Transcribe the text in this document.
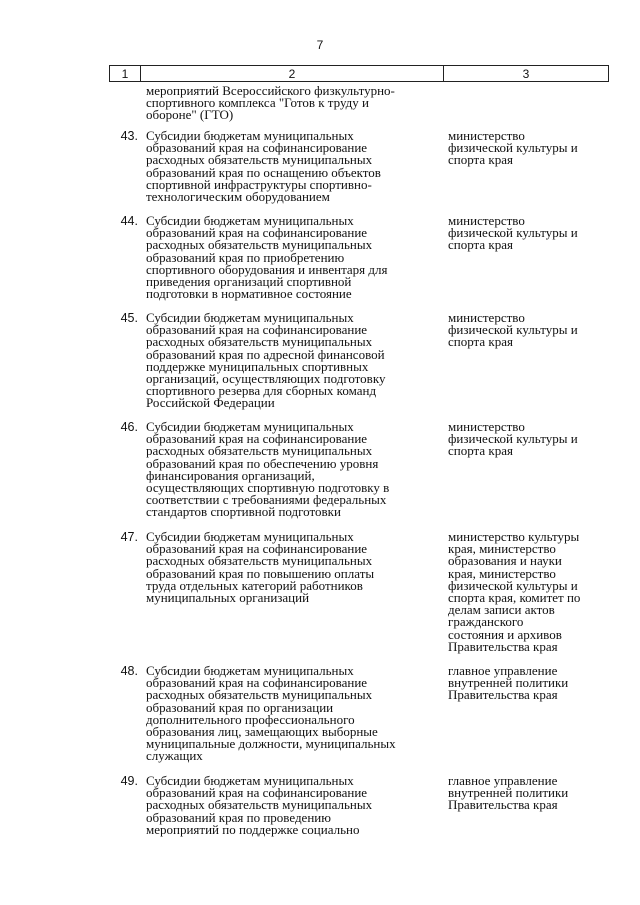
7
1	2	3
мероприятий Всероссийского физкультурно-
спортивного комплекса "Готов к труду и
обороне" (ГТО)
43. Субсидии бюджетам муниципальных
образований края на софинансирование
расходных обязательств муниципальных
образований края по оснащению объектов
спортивной инфраструктуры спортивно-
технологическим оборудованием
министерство
физической культуры и
спорта края
44. Субсидии бюджетам муниципальных
образований края на софинансирование
расходных обязательств муниципальных
образований края по приобретению
спортивного оборудования и инвентаря для
приведения организаций спортивной
подготовки в нормативное состояние
министерство
физической культуры и
спорта края
45. Субсидии бюджетам муниципальных
образований края на софинансирование
расходных обязательств муниципальных
образований края по адресной финансовой
поддержке муниципальных спортивных
организаций, осуществляющих подготовку
спортивного резерва для сборных команд
Российской Федерации
министерство
физической культуры и
спорта края
46. Субсидии бюджетам муниципальных
образований края на софинансирование
расходных обязательств муниципальных
образований края по обеспечению уровня
финансирования организаций,
осуществляющих спортивную подготовку в
соответствии с требованиями федеральных
стандартов спортивной подготовки
министерство
физической культуры и
спорта края
47. Субсидии бюджетам муниципальных
образований края на софинансирование
расходных обязательств муниципальных
образований края по повышению оплаты
труда отдельных категорий работников
муниципальных организаций
министерство культуры
края, министерство
образования и науки
края, министерство
физической культуры и
спорта края, комитет по
делам записи актов
гражданского
состояния и архивов
Правительства края
48. Субсидии бюджетам муниципальных
образований края на софинансирование
расходных обязательств муниципальных
образований края по организации
дополнительного профессионального
образования лиц, замещающих выборные
муниципальные должности, муниципальных
служащих
главное управление
внутренней политики
Правительства края
49. Субсидии бюджетам муниципальных
образований края на софинансирование
расходных обязательств муниципальных
образований края по проведению
мероприятий по поддержке социально
главное управление
внутренней политики
Правительства края
